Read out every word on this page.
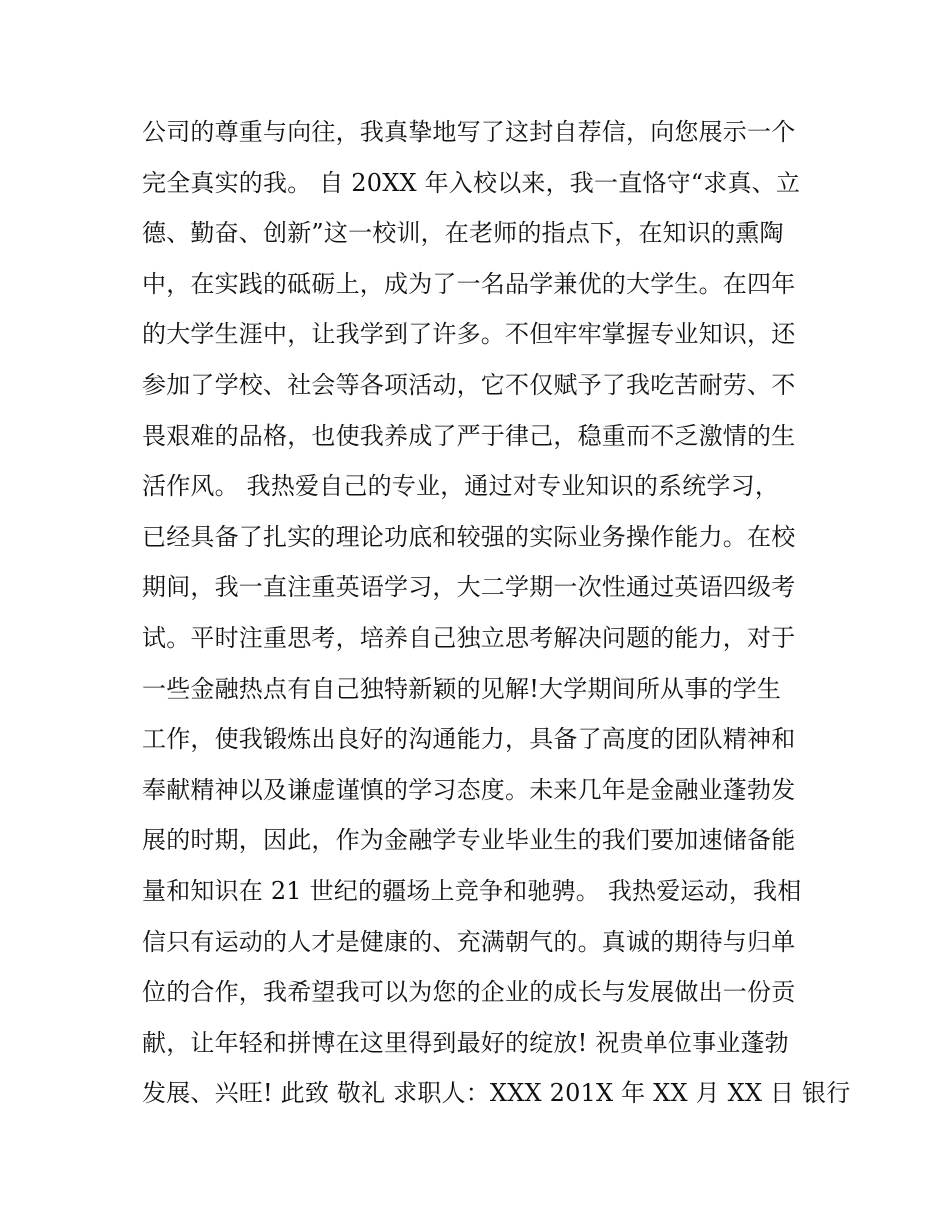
公司的尊重与向往，我真挚地写了这封自荐信，向您展示一个
完全真实的我。 自 20XX 年入校以来，我一直恪守“求真、立
德、勤奋、创新”这一校训，在老师的指点下，在知识的熏陶
中，在实践的砥砺上，成为了一名品学兼优的大学生。在四年
的大学生涯中，让我学到了许多。不但牢牢掌握专业知识，还
参加了学校、社会等各项活动，它不仅赋予了我吃苦耐劳、不
畏艰难的品格，也使我养成了严于律己，稳重而不乏激情的生
活作风。 我热爱自己的专业，通过对专业知识的系统学习，
已经具备了扎实的理论功底和较强的实际业务操作能力。在校
期间，我一直注重英语学习，大二学期一次性通过英语四级考
试。平时注重思考，培养自己独立思考解决问题的能力，对于
一些金融热点有自己独特新颖的见解!大学期间所从事的学生
工作，使我锻炼出良好的沟通能力，具备了高度的团队精神和
奉献精神以及谦虚谨慎的学习态度。未来几年是金融业蓬勃发
展的时期，因此，作为金融学专业毕业生的我们要加速储备能
量和知识在 21 世纪的疆场上竞争和驰骋。 我热爱运动，我相
信只有运动的人才是健康的、充满朝气的。真诚的期待与归单
位的合作，我希望我可以为您的企业的成长与发展做出一份贡
献，让年轻和拼博在这里得到最好的绽放! 祝贵单位事业蓬勃
发展、兴旺! 此致 敬礼 求职人：XXX 201X 年 XX 月 XX 日 银行
